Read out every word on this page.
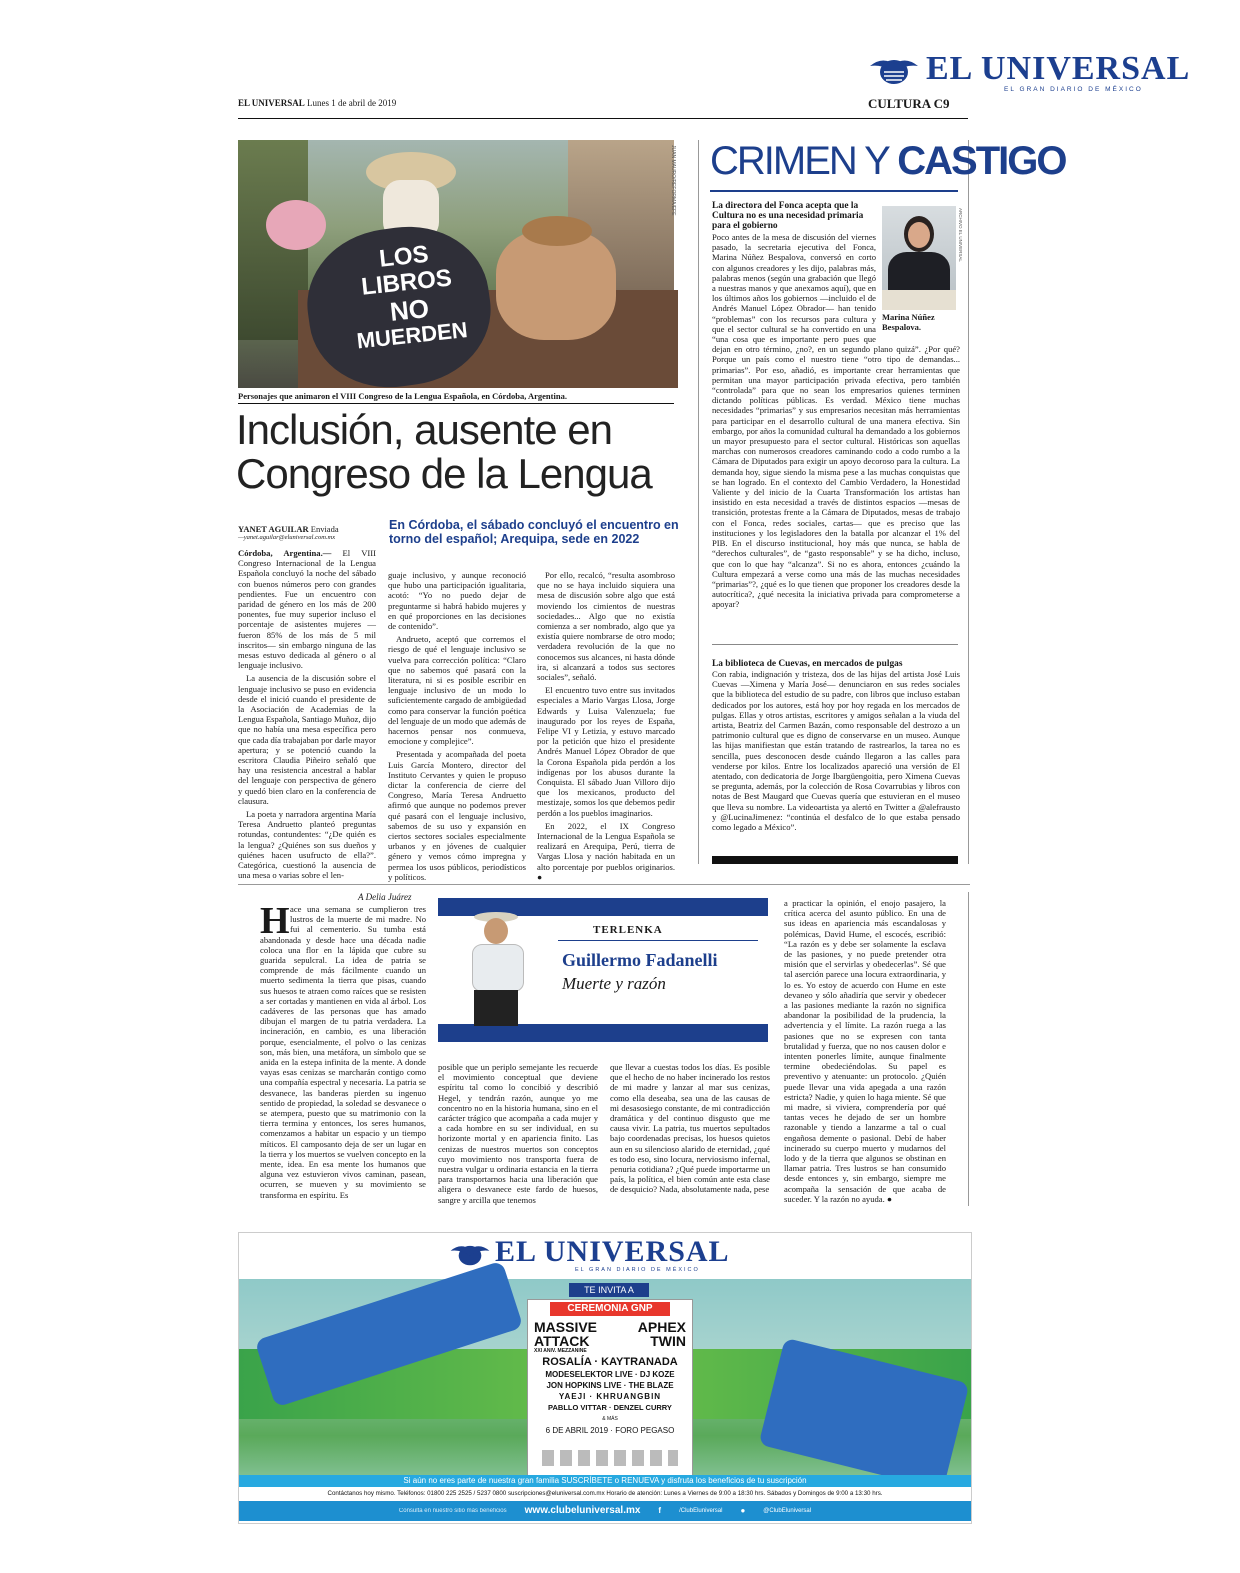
EL UNIVERSAL
EL GRAN DIARIO DE MÉXICO
CULTURA C9
EL UNIVERSAL Lunes 1 de abril de 2019
LOS
LIBROS
NO
MUERDEN
JUAN MAURO/REFORMA/EFE
Personajes que animaron el VIII Congreso de la Lengua Española, en Córdoba, Argentina.
Inclusión, ausente en
Congreso de la Lengua
YANET AGUILAR Enviada
—yanet.aguilar@eluniversal.com.mx
En Córdoba, el sábado concluyó el encuentro en torno del español; Arequipa, sede en 2022

Córdoba, Argentina.— El VIII Congreso Internacional de la Lengua Española concluyó la noche del sábado con buenos números pero con grandes pendientes. Fue un encuentro con paridad de género en los más de 200 ponentes, fue muy superior incluso el porcentaje de asistentes mujeres —fueron 85% de los más de 5 mil inscritos— sin embargo ninguna de las mesas estuvo dedicada al género o al lenguaje inclusivo.

La ausencia de la discusión sobre el lenguaje inclusivo se puso en evidencia desde el inició cuando el presidente de la Asociación de Academias de la Lengua Española, Santiago Muñoz, dijo que no había una mesa específica pero que cada día trabajaban por darle mayor apertura; y se potenció cuando la escritora Claudia Piñeiro señaló que hay una resistencia ancestral a hablar del lenguaje con perspectiva de género y quedó bien claro en la conferencia de clausura.

La poeta y narradora argentina María Teresa Andruetto planteó preguntas rotundas, contundentes: “¿De quién es la lengua? ¿Quiénes son sus dueños y quiénes hacen usufructo de ella?”. Categórica, cuestionó la ausencia de una mesa o varias sobre el len-

guaje inclusivo, y aunque reconoció que hubo una participación igualitaria, acotó: “Yo no puedo dejar de preguntarme si habrá habido mujeres y en qué proporciones en las decisiones de contenido”.

Andrueto, aceptó que corremos el riesgo de qué el lenguaje inclusivo se vuelva para corrección política: “Claro que no sabemos qué pasará con la literatura, ni si es posible escribir en lenguaje inclusivo de un modo lo suficientemente cargado de ambigüedad como para conservar la función poética del lenguaje de un modo que además de hacernos pensar nos conmueva, emocione y complejice”.

Presentada y acompañada del poeta Luis García Montero, director del Instituto Cervantes y quien le propuso dictar la conferencia de cierre del Congreso, María Teresa Andruetto afirmó que aunque no podemos prever qué pasará con el lenguaje inclusivo, sabemos de su uso y expansión en ciertos sectores sociales especialmente urbanos y en jóvenes de cualquier género y vemos cómo impregna y permea los usos públicos, periodísticos y políticos.

Por ello, recalcó, “resulta asombroso que no se haya incluido siquiera una mesa de discusión sobre algo que está moviendo los cimientos de nuestras sociedades... Algo que no existía comienza a ser nombrado, algo que ya existía quiere nombrarse de otro modo; verdadera revolución de la que no conocemos sus alcances, ni hasta dónde ira, si alcanzará a todos sus sectores sociales”, señaló.

El encuentro tuvo entre sus invitados especiales a Mario Vargas Llosa, Jorge Edwards y Luisa Valenzuela; fue inaugurado por los reyes de España, Felipe VI y Letizia, y estuvo marcado por la petición que hizo el presidente Andrés Manuel López Obrador de que la Corona Española pida perdón a los indígenas por los abusos durante la Conquista. El sábado Juan Villoro dijo que los mexicanos, producto del mestizaje, somos los que debemos pedir perdón a los pueblos imaginarios.

En 2022, el IX Congreso Internacional de la Lengua Española se realizará en Arequipa, Perú, tierra de Vargas Llosa y nación habitada en un alto porcentaje por pueblos originarios. ●

CRIMEN Y CASTIGO
La directora del Fonca acepta que la Cultura no es una necesidad primaria para el gobierno	ARCHIVO EL UNIVERSAL
Marina Núñez Bespalova.

Poco antes de la mesa de discusión del viernes pasado, la secretaria ejecutiva del Fonca, Marina Núñez Bespalova, conversó en corto con algunos creadores y les dijo, palabras más, palabras menos (según una grabación que llegó a nuestras manos y que anexamos aquí), que en los últimos años los gobiernos —incluido el de Andrés Manuel López Obrador— han tenido “problemas” con los recursos para cultura y que el sector cultural se ha convertido en una “una cosa que es importante pero pues que dejan en otro término, ¿no?, en un segundo plano quizá”. ¿Por qué? Porque un país como el nuestro tiene “otro tipo de demandas... primarias”. Por eso, añadió, es importante crear herramientas que permitan una mayor participación privada efectiva, pero también “controlada” para que no sean los empresarios quienes terminen dictando políticas públicas. Es verdad. México tiene muchas necesidades “primarias” y sus empresarios necesitan más herramientas para participar en el desarrollo cultural de una manera efectiva. Sin embargo, por años la comunidad cultural ha demandado a los gobiernos un mayor presupuesto para el sector cultural. Históricas son aquellas marchas con numerosos creadores caminando codo a codo rumbo a la Cámara de Diputados para exigir un apoyo decoroso para la cultura. La demanda hoy, sigue siendo la misma pese a las muchas conquistas que se han logrado. En el contexto del Cambio Verdadero, la Honestidad Valiente y del inicio de la Cuarta Transformación los artistas han insistido en esta necesidad a través de distintos espacios —mesas de transición, protestas frente a la Cámara de Diputados, mesas de trabajo con el Fonca, redes sociales, cartas— que es preciso que las instituciones y los legisladores den la batalla por alcanzar el 1% del PIB. En el discurso institucional, hoy más que nunca, se habla de “derechos culturales”, de “gasto responsable” y se ha dicho, incluso, que con lo que hay “alcanza”. Si no es ahora, entonces ¿cuándo la Cultura empezará a verse como una más de las muchas necesidades “primarias”?, ¿qué es lo que tienen que proponer los creadores desde la autocrítica?, ¿qué necesita la iniciativa privada para comprometerse a apoyar?

La biblioteca de Cuevas, en mercados de pulgas

Con rabia, indignación y tristeza, dos de las hijas del artista José Luis Cuevas —Ximena y María José— denunciaron en sus redes sociales que la biblioteca del estudio de su padre, con libros que incluso estaban dedicados por los autores, está hoy por hoy regada en los mercados de pulgas. Ellas y otros artistas, escritores y amigos señalan a la viuda del artista, Beatriz del Carmen Bazán, como responsable del destrozo a un patrimonio cultural que es digno de conservarse en un museo. Aunque las hijas manifiestan que están tratando de rastrearlos, la tarea no es sencilla, pues desconocen desde cuándo llegaron a las calles para venderse por kilos. Entre los localizados apareció una versión de El atentado, con dedicatoria de Jorge Ibargüengoitia, pero Ximena Cuevas se pregunta, además, por la colección de Rosa Covarrubias y libros con notas de Best Maugard que Cuevas quería que estuvieran en el museo que lleva su nombre. La videoartista ya alertó en Twitter a @alefrausto y @LucinaJimenez: “continúa el desfalco de lo que estaba pensado como legado a México”.

A Delia Juárez
H ace una semana se cumplieron tres lustros de la muerte de mi madre. No fui al cementerio. Su tumba está abandonada y desde hace una década nadie coloca una flor en la lápida que cubre su guarida sepulcral. La idea de patria se comprende de más fácilmente cuando un muerto sedimenta la tierra que pisas, cuando sus huesos te atraen como raíces que se resisten a ser cortadas y mantienen en vida al árbol. Los cadáveres de las personas que has amado dibujan el margen de tu patria verdadera. La incineración, en cambio, es una liberación porque, esencialmente, el polvo o las cenizas son, más bien, una metáfora, un símbolo que se anida en la estepa infinita de la mente. A donde vayas esas cenizas se marcharán contigo como una compañía espectral y necesaria. La patria se desvanece, las banderas pierden su ingenuo sentido de propiedad, la soledad se desvanece o se atempera, puesto que su matrimonio con la tierra termina y entonces, los seres humanos, comenzamos a habitar un espacio y un tiempo míticos. El camposanto deja de ser un lugar en la tierra y los muertos se vuelven concepto en la mente, idea. En esa mente los humanos que alguna vez estuvieron vivos caminan, pasean, ocurren, se mueven y su movimiento se transforma en espíritu. Es

TERLENKA
Guillermo Fadanelli
Muerte y razón

posible que un periplo semejante les recuerde el movimiento conceptual que deviene espíritu tal como lo concibió y describió Hegel, y tendrán razón, aunque yo me concentro no en la historia humana, sino en el carácter trágico que acompaña a cada mujer y a cada hombre en su ser individual, en su horizonte mortal y en apariencia finito. Las cenizas de nuestros muertos son conceptos cuyo movimiento nos transporta fuera de nuestra vulgar u ordinaria estancia en la tierra para transportarnos hacia una liberación que aligera o desvanece este fardo de huesos, sangre y arcilla que tenemos

que llevar a cuestas todos los días. Es posible que el hecho de no haber incinerado los restos de mi madre y lanzar al mar sus cenizas, como ella deseaba, sea una de las causas de mi desasosiego constante, de mi contradicción dramática y del continuo disgusto que me causa vivir. La patria, tus muertos sepultados bajo coordenadas precisas, los huesos quietos aun en su silencioso alarido de eternidad, ¿qué es todo eso, sino locura, nerviosismo infernal, penuria cotidiana? ¿Qué puede importarme un país, la política, el bien común ante esta clase de desquicio? Nada, absolutamente nada, pese

a practicar la opinión, el enojo pasajero, la crítica acerca del asunto público. En una de sus ideas en apariencia más escandalosas y polémicas, David Hume, el escocés, escribió: “La razón es y debe ser solamente la esclava de las pasiones, y no puede pretender otra misión que el servirlas y obedecerlas”. Sé que tal aserción parece una locura extraordinaria, y lo es. Yo estoy de acuerdo con Hume en este devaneo y sólo añadiría que servir y obedecer a las pasiones mediante la razón no significa abandonar la posibilidad de la prudencia, la advertencia y el límite. La razón ruega a las pasiones que no se expresen con tanta brutalidad y fuerza, que no nos causen dolor e intenten ponerles límite, aunque finalmente termine obedeciéndolas. Su papel es preventivo y atenuante: un protocolo. ¿Quién puede llevar una vida apegada a una razón estricta? Nadie, y quien lo haga miente. Sé que mi madre, si viviera, comprendería por qué tantas veces he dejado de ser un hombre razonable y tiendo a lanzarme a tal o cual engañosa demente o pasional. Debí de haber incinerado su cuerpo muerto y mudarnos del lodo y de la tierra que algunos se obstinan en llamar patria. Tres lustros se han consumido desde entonces y, sin embargo, siempre me acompaña la sensación de que acaba de suceder. Y la razón no ayuda. ●

EL UNIVERSAL
EL GRAN DIARIO DE MÉXICO
TE INVITA A
CEREMONIA GNP
MASSIVE	APHEX
ATTACK	TWIN
XXI ANIV. MEZZANINE
ROSALÍA · KAYTRANADA
MODESELEKTOR LIVE · DJ KOZE
JON HOPKINS LIVE · THE BLAZE
YAEJI · KHRUANGBIN
PABLLO VITTAR · DENZEL CURRY
& MÁS
6 DE ABRIL 2019 · FORO PEGASO
Si aún no eres parte de nuestra gran familia SUSCRÍBETE o RENUEVA y disfruta los beneficios de tu suscripción
Contáctanos hoy mismo. Teléfonos: 01800 225 2525 / 5237 0800 suscripciones@eluniversal.com.mx Horario de atención: Lunes a Viernes de 9:00 a 18:30 hrs. Sábados y Domingos de 9:00 a 13:30 hrs.
Consulta en nuestro sitio más beneficios www.clubeluniversal.mx f	/ClubEluniversal ●	@ClubEluniversal
